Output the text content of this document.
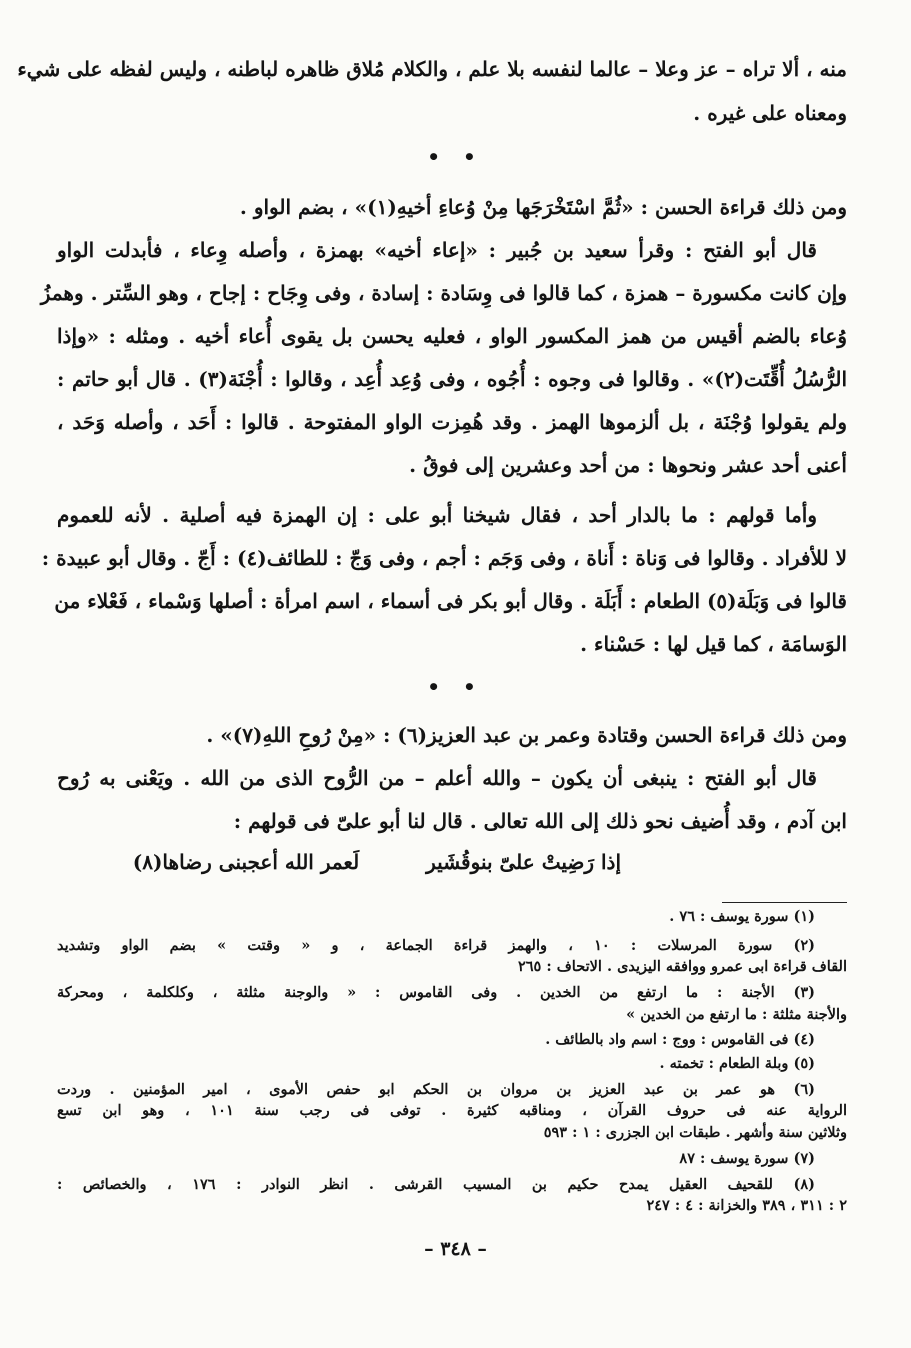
منه ، ألا تراه – عز وعلا – عالما لنفسه بلا علم ، والكلام مُلاق ظاهره لباطنه ، وليس لفظه على شيء
ومعناه على غيره .
• •
ومن ذلك قراءة الحسن : «ثُمَّ اسْتَخْرَجَها مِنْ وُعاءِ أخيهِ(١)» ، بضم الواو .
قال أبو الفتح : وقرأ سعيد بن جُبير : «إعاء أخيه» بهمزة ، وأصله وِعاء ، فأبدلت الواو
وإن كانت مكسورة – همزة ، كما قالوا فى وِسَادة : إسادة ، وفى وِجَاح : إجاح ، وهو السِّتر . وهمزُ
وُعاء بالضم أقيس من همز المكسور الواو ، فعليه يحسن بل يقوى أُعاء أخيه . ومثله : «وإذا
الرُّسُلُ أُقِّتَت(٢)» . وقالوا فى وجوه : أُجُوه ، وفى وُعِد أُعِد ، وقالوا : أُجْنَة(٣) . قال أبو حاتم :
ولم يقولوا وُجْنَة ، بل ألزموها الهمز . وقد هُمِزت الواو المفتوحة . قالوا : أَحَد ، وأصله وَحَد ،
أعنى أحد عشر ونحوها : من أحد وعشرين إلى فوقُ .
وأما قولهم : ما بالدار أحد ، فقال شيخنا أبو على : إن الهمزة فيه أصلية . لأنه للعموم
لا للأفراد . وقالوا فى وَناة : أَناة ، وفى وَجَم : أجم ، وفى وَجّ : للطائف(٤) : أَجّ . وقال أبو عبيدة :
قالوا فى وَبَلَة(٥) الطعام : أَبَلَة . وقال أبو بكر فى أسماء ، اسم امرأة : أصلها وَسْماء ، فَعْلاء من
الوَسامَة ، كما قيل لها : حَسْناء .
• •
ومن ذلك قراءة الحسن وقتادة وعمر بن عبد العزيز(٦) : «مِنْ رُوحِ اللهِ(٧)» .
قال أبو الفتح : ينبغى أن يكون – والله أعلم – من الرُّوح الذى من الله . ويَعْنى به رُوح
ابن آدم ، وقد أُضيف نحو ذلك إلى الله تعالى . قال لنا أبو علىّ فى قولهم :
إذا رَضِيتْ علىّ بنوقُشَير لَعمر الله أعجبنى رضاها(٨)
(١) سورة يوسف : ٧٦ .
(٢) سورة المرسلات : ١٠ ، والهمز قراءة الجماعة ، و « وقتت » بضم الواو وتشديد
القاف قراءة ابى عمرو ووافقه اليزيدى . الاتحاف : ٢٦٥
(٣) الأجنة : ما ارتفع من الخدين . وفى القاموس : « والوجنة مثلثة ، وكلكلمة ، ومحركة
والأجنة مثلثة : ما ارتفع من الخدين »
(٤) فى القاموس : ووج : اسم واد بالطائف .
(٥) وبلة الطعام : تخمته .
(٦) هو عمر بن عبد العزيز بن مروان بن الحكم ابو حفص الأموى ، امير المؤمنين . وردت
الرواية عنه فى حروف القرآن ، ومناقبه كثيرة . توفى فى رجب سنة ١٠١ ، وهو ابن تسع
وثلاثين سنة وأشهر . طبقات ابن الجزرى : ١ : ٥٩٣
(٧) سورة يوسف : ٨٧
(٨) للقحيف العقيل يمدح حكيم بن المسيب القرشى . انظر النوادر : ١٧٦ ، والخصائص :
٢ : ٣١١ ، ٣٨٩ والخزانة : ٤ : ٢٤٧
– ٣٤٨ –
